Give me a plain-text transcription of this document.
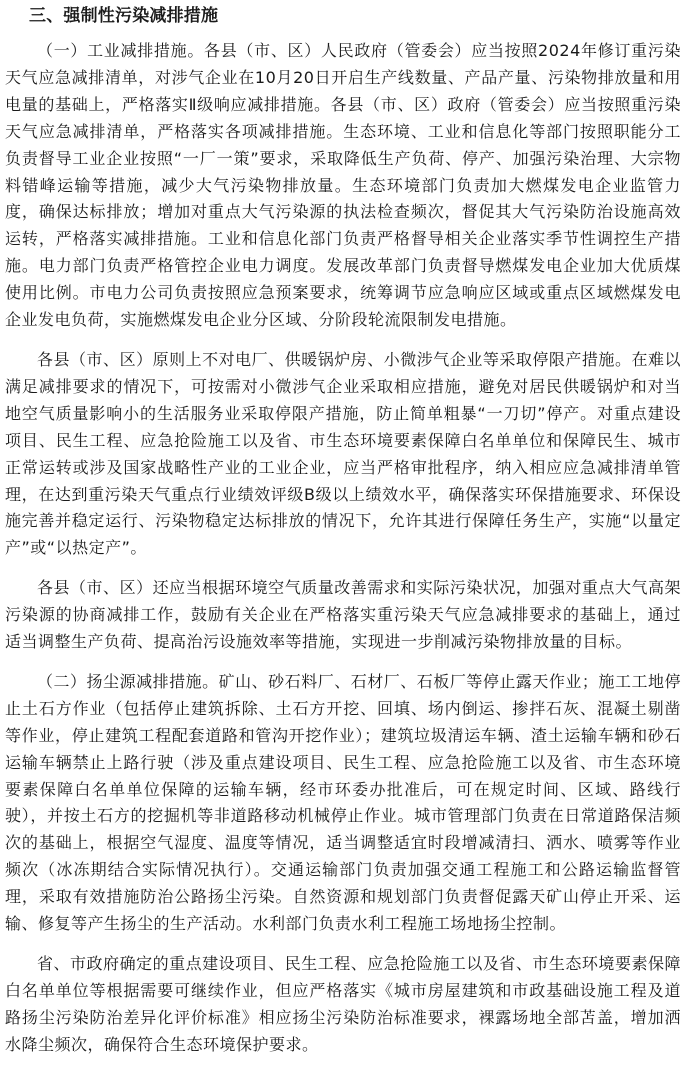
三、强制性污染减排措施

（一）工业减排措施。各县（市、区）人民政府（管委会）应当按照2024年修订重污染天气应急减排清单，对涉气企业在10月20日开启生产线数量、产品产量、污染物排放量和用电量的基础上，严格落实Ⅱ级响应减排措施。各县（市、区）政府（管委会）应当按照重污染天气应急减排清单，严格落实各项减排措施。生态环境、工业和信息化等部门按照职能分工负责督导工业企业按照“一厂一策”要求，采取降低生产负荷、停产、加强污染治理、大宗物料错峰运输等措施，减少大气污染物排放量。生态环境部门负责加大燃煤发电企业监管力度，确保达标排放；增加对重点大气污染源的执法检查频次，督促其大气污染防治设施高效运转，严格落实减排措施。工业和信息化部门负责严格督导相关企业落实季节性调控生产措施。电力部门负责严格管控企业电力调度。发展改革部门负责督导燃煤发电企业加大优质煤使用比例。市电力公司负责按照应急预案要求，统筹调节应急响应区域或重点区域燃煤发电企业发电负荷，实施燃煤发电企业分区域、分阶段轮流限制发电措施。

各县（市、区）原则上不对电厂、供暖锅炉房、小微涉气企业等采取停限产措施。在难以满足减排要求的情况下，可按需对小微涉气企业采取相应措施，避免对居民供暖锅炉和对当地空气质量影响小的生活服务业采取停限产措施，防止简单粗暴“一刀切”停产。对重点建设项目、民生工程、应急抢险施工以及省、市生态环境要素保障白名单单位和保障民生、城市正常运转或涉及国家战略性产业的工业企业，应当严格审批程序，纳入相应应急减排清单管理，在达到重污染天气重点行业绩效评级B级以上绩效水平，确保落实环保措施要求、环保设施完善并稳定运行、污染物稳定达标排放的情况下，允许其进行保障任务生产，实施“以量定产”或“以热定产”。

各县（市、区）还应当根据环境空气质量改善需求和实际污染状况，加强对重点大气高架污染源的协商减排工作，鼓励有关企业在严格落实重污染天气应急减排要求的基础上，通过适当调整生产负荷、提高治污设施效率等措施，实现进一步削减污染物排放量的目标。

（二）扬尘源减排措施。矿山、砂石料厂、石材厂、石板厂等停止露天作业；施工工地停止土石方作业（包括停止建筑拆除、土石方开挖、回填、场内倒运、掺拌石灰、混凝土剔凿等作业，停止建筑工程配套道路和管沟开挖作业）；建筑垃圾清运车辆、渣土运输车辆和砂石运输车辆禁止上路行驶（涉及重点建设项目、民生工程、应急抢险施工以及省、市生态环境要素保障白名单单位保障的运输车辆，经市环委办批准后，可在规定时间、区域、路线行驶），并按土石方的挖掘机等非道路移动机械停止作业。城市管理部门负责在日常道路保洁频次的基础上，根据空气湿度、温度等情况，适当调整适宜时段增减清扫、洒水、喷雾等作业频次（冰冻期结合实际情况执行）。交通运输部门负责加强交通工程施工和公路运输监督管理，采取有效措施防治公路扬尘污染。自然资源和规划部门负责督促露天矿山停止开采、运输、修复等产生扬尘的生产活动。水利部门负责水利工程施工场地扬尘控制。

省、市政府确定的重点建设项目、民生工程、应急抢险施工以及省、市生态环境要素保障白名单单位等根据需要可继续作业，但应严格落实《城市房屋建筑和市政基础设施工程及道路扬尘污染防治差异化评价标准》相应扬尘污染防治标准要求，裸露场地全部苫盖，增加洒水降尘频次，确保符合生态环境保护要求。
